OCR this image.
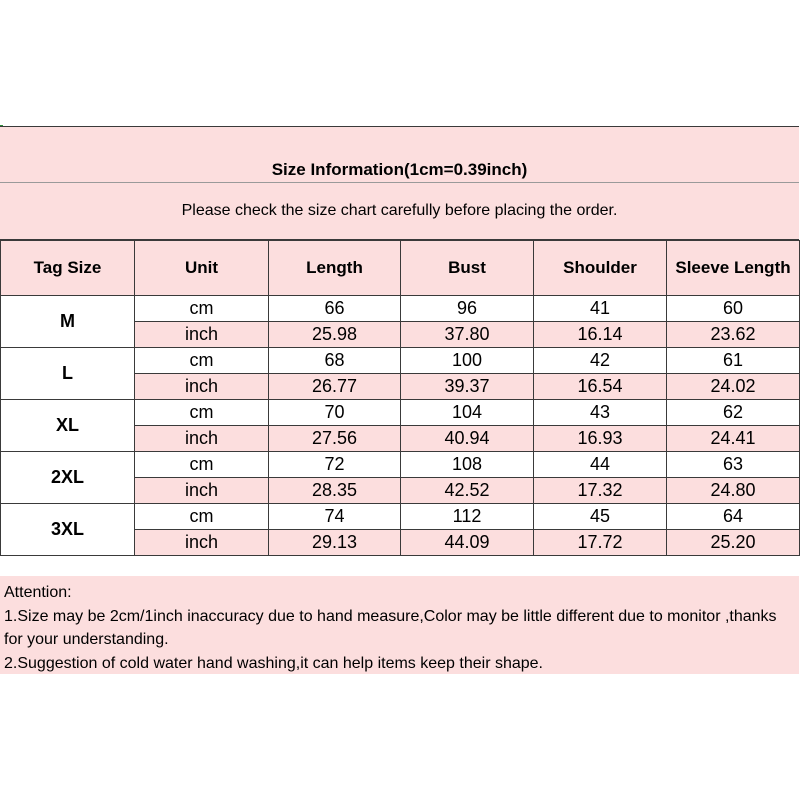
Size Information(1cm=0.39inch)
Please check the size chart carefully before placing the order.
Tag Size	Unit	Length	Bust	Shoulder	Sleeve Length
M	cm	66	96	41	60
	inch	25.98	37.80	16.14	23.62
L	cm	68	100	42	61
	inch	26.77	39.37	16.54	24.02
XL	cm	70	104	43	62
	inch	27.56	40.94	16.93	24.41
2XL	cm	72	108	44	63
	inch	28.35	42.52	17.32	24.80
3XL	cm	74	112	45	64
	inch	29.13	44.09	17.72	25.20
Attention:
1.Size may be 2cm/1inch inaccuracy due to hand measure,Color may be little different due to monitor ,thanks for your understanding.
2.Suggestion of cold water hand washing,it can help items keep their shape.
